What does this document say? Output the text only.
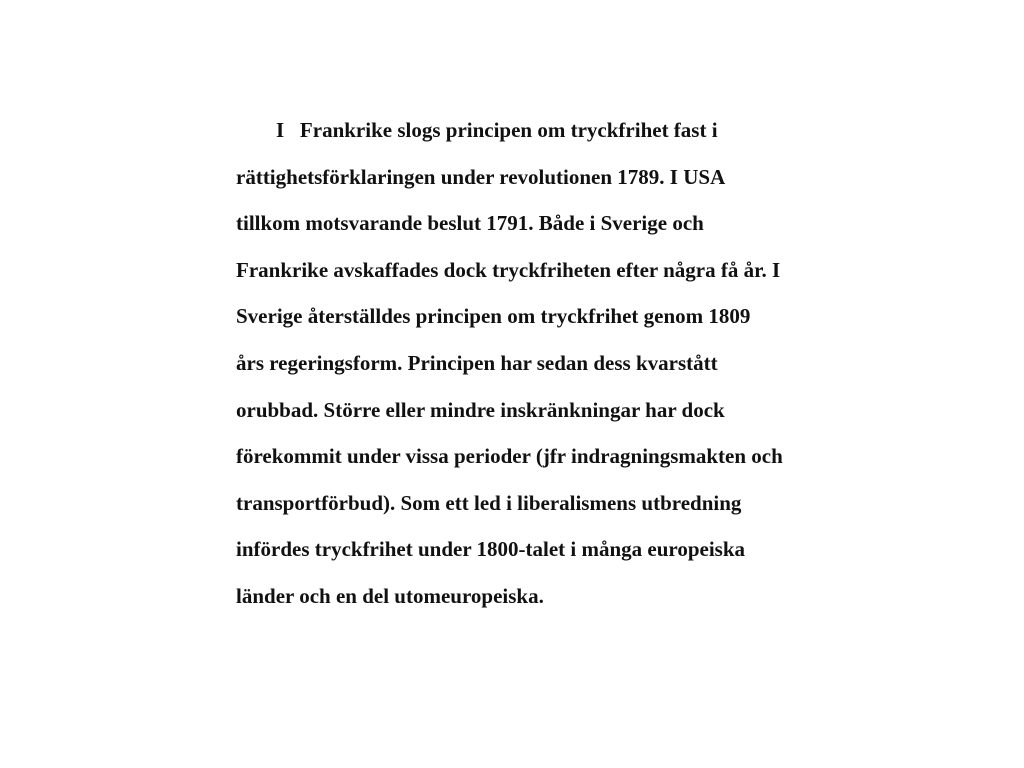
I   Frankrike slogs principen om tryckfrihet fast i
rättighetsförklaringen under revolutionen 1789. I USA
tillkom motsvarande beslut 1791. Både i Sverige och
Frankrike avskaffades dock tryckfriheten efter några få år. I
Sverige återställdes principen om tryckfrihet genom 1809
års regeringsform. Principen har sedan dess kvarstått
orubbad. Större eller mindre inskränkningar har dock
förekommit under vissa perioder (jfr indragningsmakten och
transportförbud). Som ett led i liberalismens utbredning
infördes tryckfrihet under 1800-talet i många europeiska
länder och en del utomeuropeiska.
